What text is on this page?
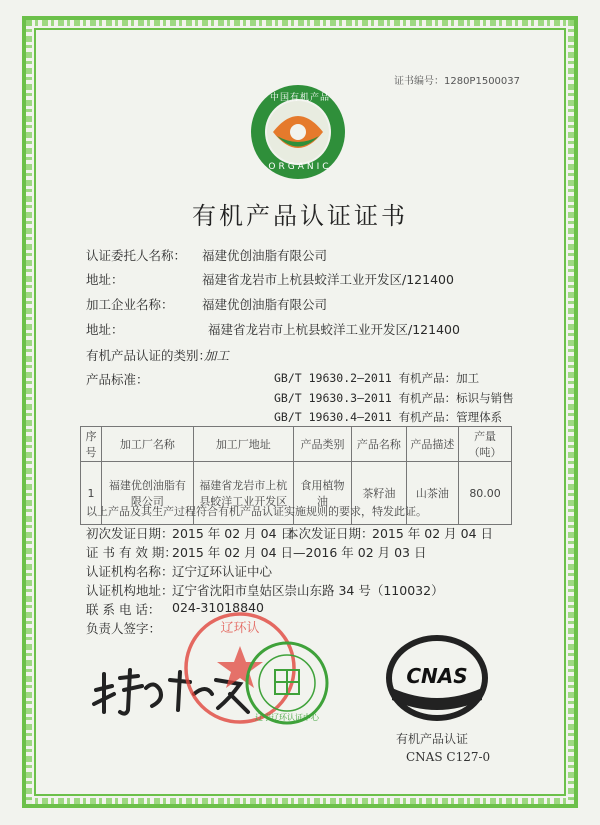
证书编号：1280P1500037
中国有机产品
ORGANIC
有机产品认证证书
认证委托人名称： 福建优创油脂有限公司
地址：	福建省龙岩市上杭县蛟洋工业开发区/121400
加工企业名称： 福建优创油脂有限公司
地址：	福建省龙岩市上杭县蛟洋工业开发区/121400
有机产品认证的类别：
加工
产品标准：	GB/T 19630.2—2011 有机产品：加工
GB/T 19630.3—2011 有机产品：标识与销售
GB/T 19630.4—2011 有机产品：管理体系
序号	加工厂名称	加工厂地址	产品类别	产品名称	产品描述	产量（吨）
1	福建优创油脂有限公司	福建省龙岩市上杭县蛟洋工业开发区	食用植物油	茶籽油	山茶油	80.00
以上产品及其生产过程符合有机产品认证实施规则的要求，特发此证。
初次发证日期：
2015 年 02 月 04 日
本次发证日期：
2015 年 02 月 04 日
证 书 有 效 期：
2015 年 02 月 04 日—2016 年 02 月 03 日
认证机构名称：
辽宁辽环认证中心
认证机构地址：
辽宁省沈阳市皇姑区崇山东路 34 号（110032）
联 系 电 话： 024-31018840
负责人签字：	辽环认
辽宁辽环认证中心
CNAS
有机产品认证
CNAS C127-0
